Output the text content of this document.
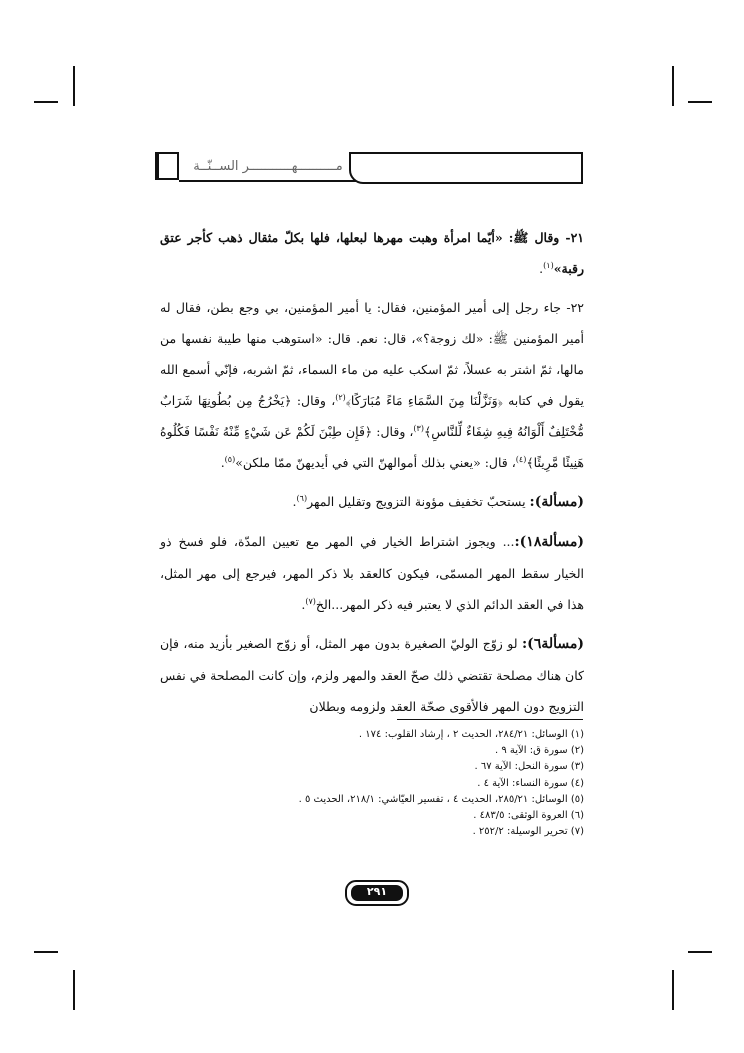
مــــــــــهـــــــــــر الســنّــة

٢١- وقال ﷺ: «أيّما امرأة وهبت مهرها لبعلها، فلها بكلّ مثقال ذهب كأجر عتق رقبة»$^{(١)}$.

٢٢- جاء رجل إلى أمير المؤمنين، فقال: يا أمير المؤمنين، بي وجع بطن، فقال له أمير المؤمنين ﷺ: «لك زوجة؟»، قال: نعم. قال: «استوهب منها طيبة نفسها من مالها، ثمّ اشتر به عسلاً، ثمّ اسكب عليه من ماء السماء، ثمّ اشربه، فإنّي أسمع الله يقول في كتابه ﴿وَنَزَّلْنَا مِنَ السَّمَاءِ مَاءً مُبَارَكًا﴾$^{(٢)}$، وقال: ﴿يَخْرُجُ مِن بُطُونِهَا شَرَابٌ مُّخْتَلِفٌ أَلْوَانُهُ فِيهِ شِفَاءٌ لِّلنَّاسِ﴾$^{(٣)}$، وقال: ﴿فَإِن طِبْنَ لَكُمْ عَن شَيْءٍ مِّنْهُ نَفْسًا فَكُلُوهُ هَنِيئًا مَّرِيئًا﴾$^{(٤)}$، قال: «يعني بذلك أموالهنّ التي في أيديهنّ ممّا ملكن»$^{(٥)}$.

(مسألة): يستحبّ تخفيف مؤونة التزويج وتقليل المهر$^{(٦)}$.

(مسألة١٨):... ويجوز اشتراط الخيار في المهر مع تعيين المدّة، فلو فسخ ذو الخيار سقط المهر المسمّى، فيكون كالعقد بلا ذكر المهر، فيرجع إلى مهر المثل، هذا في العقد الدائم الذي لا يعتبر فيه ذكر المهر...الخ$^{(٧)}$.

(مسألة٦): لو زوّج الوليّ الصغيرة بدون مهر المثل، أو زوّج الصغير بأزيد منه، فإن كان هناك مصلحة تقتضي ذلك صحّ العقد والمهر ولزم، وإن كانت المصلحة في نفس التزويج دون المهر فالأقوى صحّة العقد ولزومه وبطلان

(١) الوسائل: ٢٨٤/٢١، الحديث ٢ ، إرشاد القلوب: ١٧٤ .
(٢) سورة ق: الآية ٩ .
(٣) سورة النحل: الآية ٦٧ .
(٤) سورة النساء: الآية ٤ .
(٥) الوسائل: ٢٨٥/٢١، الحديث ٤ ، تفسير العيّاشي: ٢١٨/١، الحديث ٥ .
(٦) العروة الوثقى: ٤٨٣/٥ .
(٧) تحرير الوسيلة: ٢٥٢/٢ .
٢٩١
